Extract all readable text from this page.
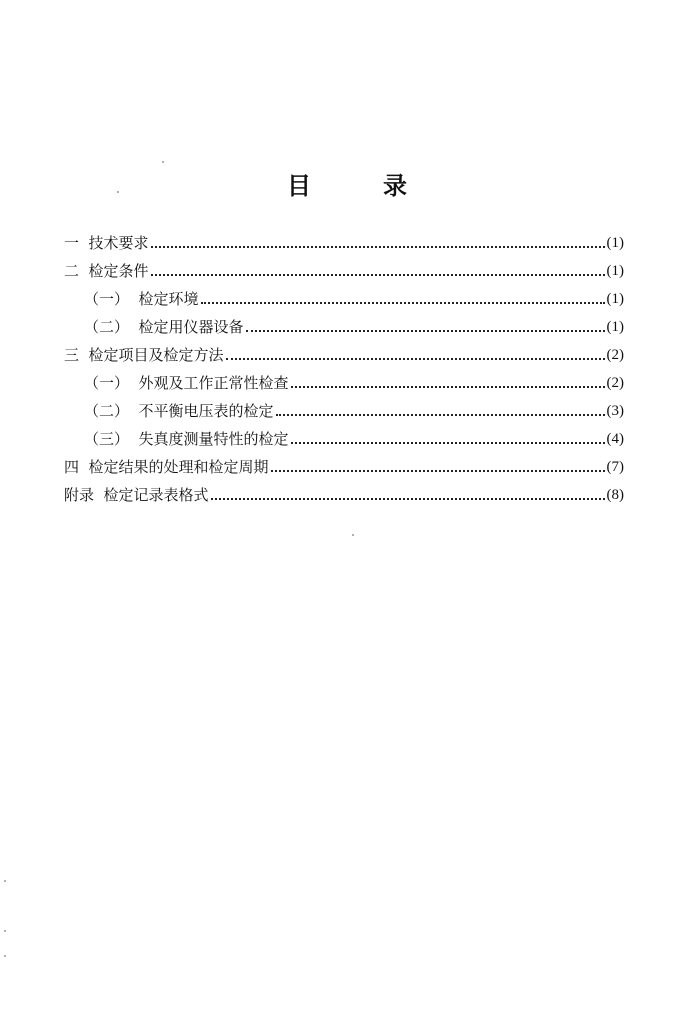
目	录
一 技术要求	(1)
二 检定条件	(1)
（一） 检定环境	(1)
（二） 检定用仪器设备	(1)
三 检定项目及检定方法	(2)
（一） 外观及工作正常性检查	(2)
（二） 不平衡电压表的检定	(3)
（三） 失真度测量特性的检定	(4)
四 检定结果的处理和检定周期	(7)
附录 检定记录表格式	(8)
